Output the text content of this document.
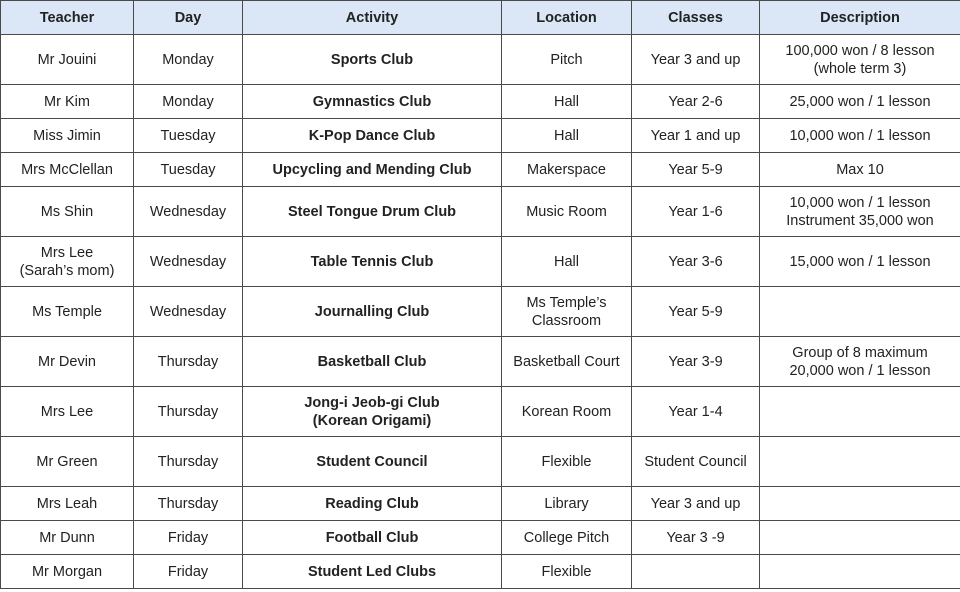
Teacher	Day	Activity	Location	Classes	Description
Mr Jouini	Monday	Sports Club	Pitch	Year 3 and up	100,000 won / 8 lesson
(whole term 3)
Mr Kim	Monday	Gymnastics Club	Hall	Year 2-6	25,000 won / 1 lesson
Miss Jimin	Tuesday	K-Pop Dance Club	Hall	Year 1 and up	10,000 won / 1 lesson
Mrs McClellan	Tuesday	Upcycling and Mending Club	Makerspace	Year 5-9	Max 10
Ms Shin	Wednesday	Steel Tongue Drum Club	Music Room	Year 1-6	10,000 won / 1 lesson
Instrument 35,000 won
Mrs Lee
(Sarah’s mom)	Wednesday	Table Tennis Club	Hall	Year 3-6	15,000 won / 1 lesson
Ms Temple	Wednesday	Journalling Club	Ms Temple’s
Classroom	Year 5-9	
Mr Devin	Thursday	Basketball Club	Basketball Court	Year 3-9	Group of 8 maximum
20,000 won / 1 lesson
Mrs Lee	Thursday	Jong-i Jeob-gi Club
(Korean Origami)	Korean Room	Year 1-4	
Mr Green	Thursday	Student Council	Flexible	Student Council	
Mrs Leah	Thursday	Reading Club	Library	Year 3 and up	
Mr Dunn	Friday	Football Club	College Pitch	Year 3 -9	
Mr Morgan	Friday	Student Led Clubs	Flexible		
